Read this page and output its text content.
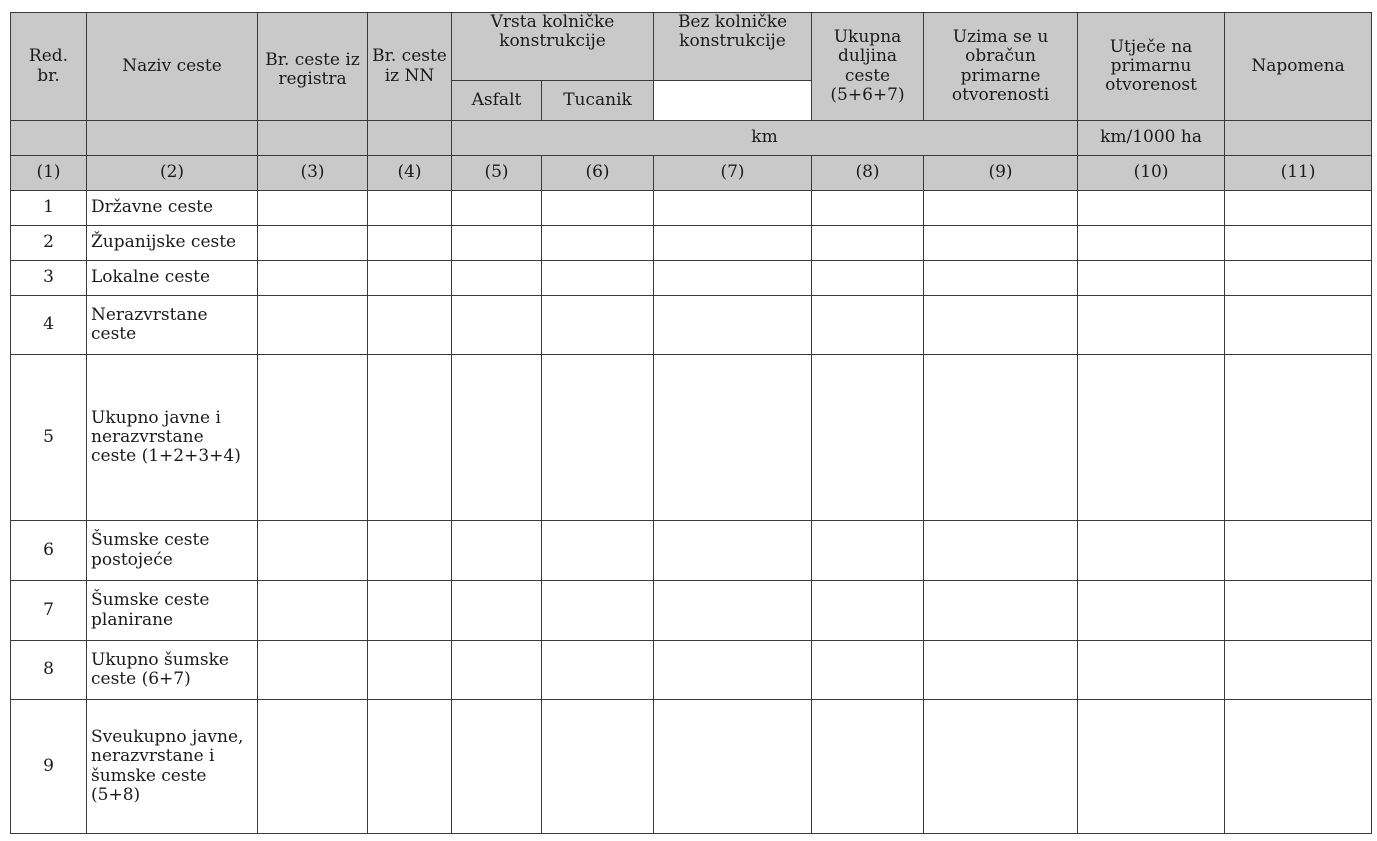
Red. br.	Naziv ceste	Br. ceste iz registra	Br. ceste iz NN	Vrsta kolničke konstrukcije		Bez kolničke konstrukcije	Ukupna duljina ceste (5+6+7)	Uzima se u obračun primarne otvorenosti	Utječe na primarnu otvorenost	Napomena
				Asfalt	Tucanik					
				km					km/1000 ha	
(1)	(2)	(3)	(4)	(5)	(6)	(7)	(8)	(9)	(10)	(11)
1	Državne ceste									
2	Županijske ceste									
3	Lokalne ceste									
4	Nerazvrstane ceste									
5	Ukupno javne i nerazvrstane ceste (1+2+3+4)									
6	Šumske ceste postojeće									
7	Šumske ceste planirane									
8	Ukupno šumske ceste (6+7)									
9	Sveukupno javne, nerazvrstane i šumske ceste (5+8)									
